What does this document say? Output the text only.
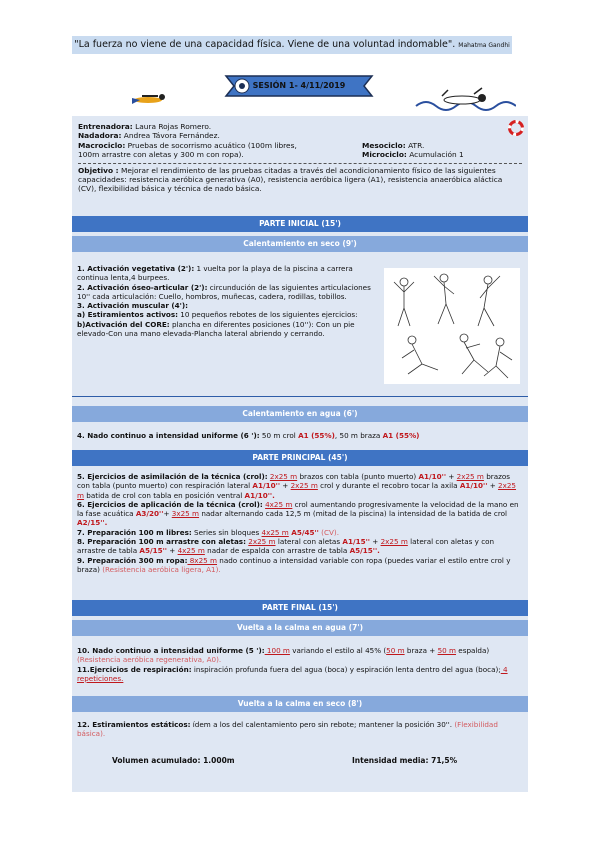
"La fuerza no viene de una capacidad física. Viene de una voluntad indomable". Mahatma Gandhi
SESIÓN 1- 4/11/2019
Entrenadora: Laura Rojas Romero.
Nadadora: Andrea Távora Fernández.
Macrociclo: Pruebas de socorrismo acuático (100m libres,	Mesociclo: ATR.
100m arrastre con aletas y 300 m con ropa).	Microciclo: Acumulación 1
Objetivo : Mejorar el rendimiento de las pruebas citadas a través del acondicionamiento físico de las siguientes capacidades: resistencia aeróbica generativa (A0), resistencia aeróbica ligera (A1), resistencia anaeróbica aláctica (CV), flexibilidad básica y técnica de nado básica.
PARTE INICIAL (15')
Calentamiento en seco (9')
1. Activación vegetativa (2'): 1 vuelta por la playa de la piscina a carrera continua lenta,4 burpees.
2. Activación óseo-articular (2'): circundución de las siguientes articulaciones 10'' cada articulación: Cuello, hombros, muñecas, cadera, rodillas, tobillos.
3. Activación muscular (4'):
a) Estiramientos activos: 10 pequeños rebotes de los siguientes ejercicios:
b)Activación del CORE: plancha en diferentes posiciones (10''): Con un pie elevado-Con una mano elevada-Plancha lateral abriendo y cerrando.
Calentamiento en agua (6')
4. Nado continuo a intensidad uniforme (6 '): 50 m crol A1 (55%), 50 m braza A1 (55%)
PARTE PRINCIPAL (45')
5. Ejercicios de asimilación de la técnica (crol): 2x25 m brazos con tabla (punto muerto) A1/10'' + 2x25 m brazos con tabla (punto muerto) con respiración lateral A1/10'' + 2x25 m crol y durante el recobro tocar la axila A1/10'' + 2x25 m batida de crol con tabla en posición ventral A1/10''.
6. Ejercicios de aplicación de la técnica (crol): 4x25 m crol aumentando progresivamente la velocidad de la mano en la fase acuática A3/20''+ 3x25 m nadar alternando cada 12,5 m (mitad de la piscina) la intensidad de la batida de crol A2/15''.
7. Preparación 100 m libres: Series sin bloques 4x25 m A5/45'' (CV).
8. Preparación 100 m arrastre con aletas: 2x25 m lateral con aletas A1/15'' + 2x25 m lateral con aletas y con arrastre de tabla A5/15'' + 4x25 m nadar de espalda con arrastre de tabla A5/15''.
9. Preparación 300 m ropa: 8x25 m nado continuo a intensidad variable con ropa (puedes variar el estilo entre crol y braza) (Resistencia aeróbica ligera, A1).
PARTE FINAL (15')
Vuelta a la calma en agua (7')
10. Nado continuo a intensidad uniforme (5 '): 100 m variando el estilo al 45% (50 m braza + 50 m espalda) (Resistencia aeróbica regenerativa, A0).
11.Ejercicios de respiración: inspiración profunda fuera del agua (boca) y espiración lenta dentro del agua (boca); 4 repeticiones.
Vuelta a la calma en seco (8')
12. Estiramientos estáticos: ídem a los del calentamiento pero sin rebote; mantener la posición 30''. (Flexibilidad básica).
Volumen acumulado: 1.000m	Intensidad media: 71,5%
